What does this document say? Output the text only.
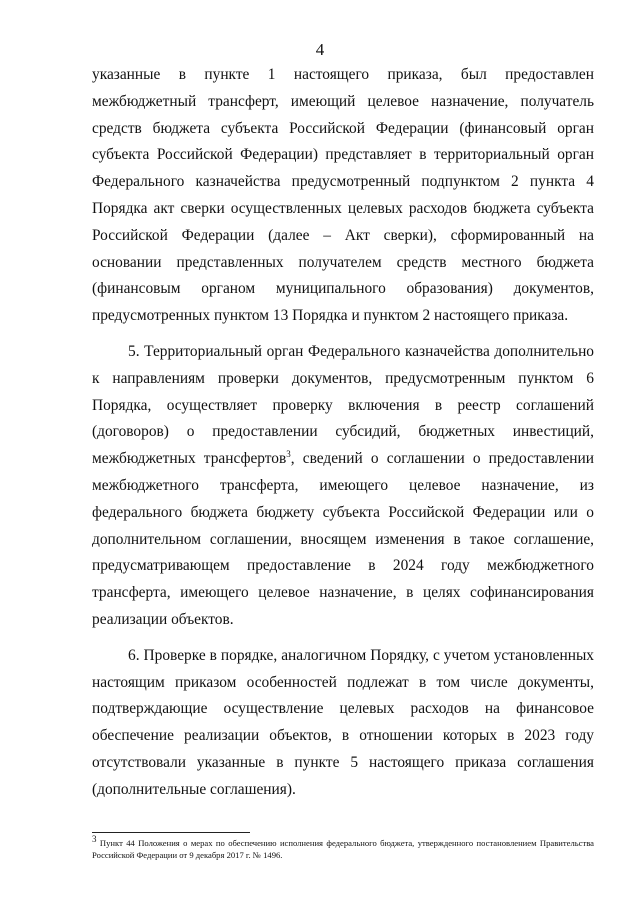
4

указанные в пункте 1 настоящего приказа, был предоставлен межбюджетный трансферт, имеющий целевое назначение, получатель средств бюджета субъекта Российской Федерации (финансовый орган субъекта Российской Федерации) представляет в территориальный орган Федерального казначейства предусмотренный подпунктом 2 пункта 4 Порядка акт сверки осуществленных целевых расходов бюджета субъекта Российской Федерации (далее – Акт сверки), сформированный на основании представленных получателем средств местного бюджета (финансовым органом муниципального образования) документов, предусмотренных пунктом 13 Порядка и пунктом 2 настоящего приказа.

5. Территориальный орган Федерального казначейства дополнительно к направлениям проверки документов, предусмотренным пунктом 6 Порядка, осуществляет проверку включения в реестр соглашений (договоров) о предоставлении субсидий, бюджетных инвестиций, межбюджетных трансфертов$^3$, сведений о соглашении о предоставлении межбюджетного трансферта, имеющего целевое назначение, из федерального бюджета бюджету субъекта Российской Федерации или о дополнительном соглашении, вносящем изменения в такое соглашение, предусматривающем предоставление в 2024 году межбюджетного трансферта, имеющего целевое назначение, в целях софинансирования реализации объектов.

6. Проверке в порядке, аналогичном Порядку, с учетом установленных настоящим приказом особенностей подлежат в том числе документы, подтверждающие осуществление целевых расходов на финансовое обеспечение реализации объектов, в отношении которых в 2023 году отсутствовали указанные в пункте 5 настоящего приказа соглашения (дополнительные соглашения).

$^3$ Пункт 44 Положения о мерах по обеспечению исполнения федерального бюджета, утвержденного постановлением Правительства Российской Федерации от 9 декабря 2017 г. № 1496.
